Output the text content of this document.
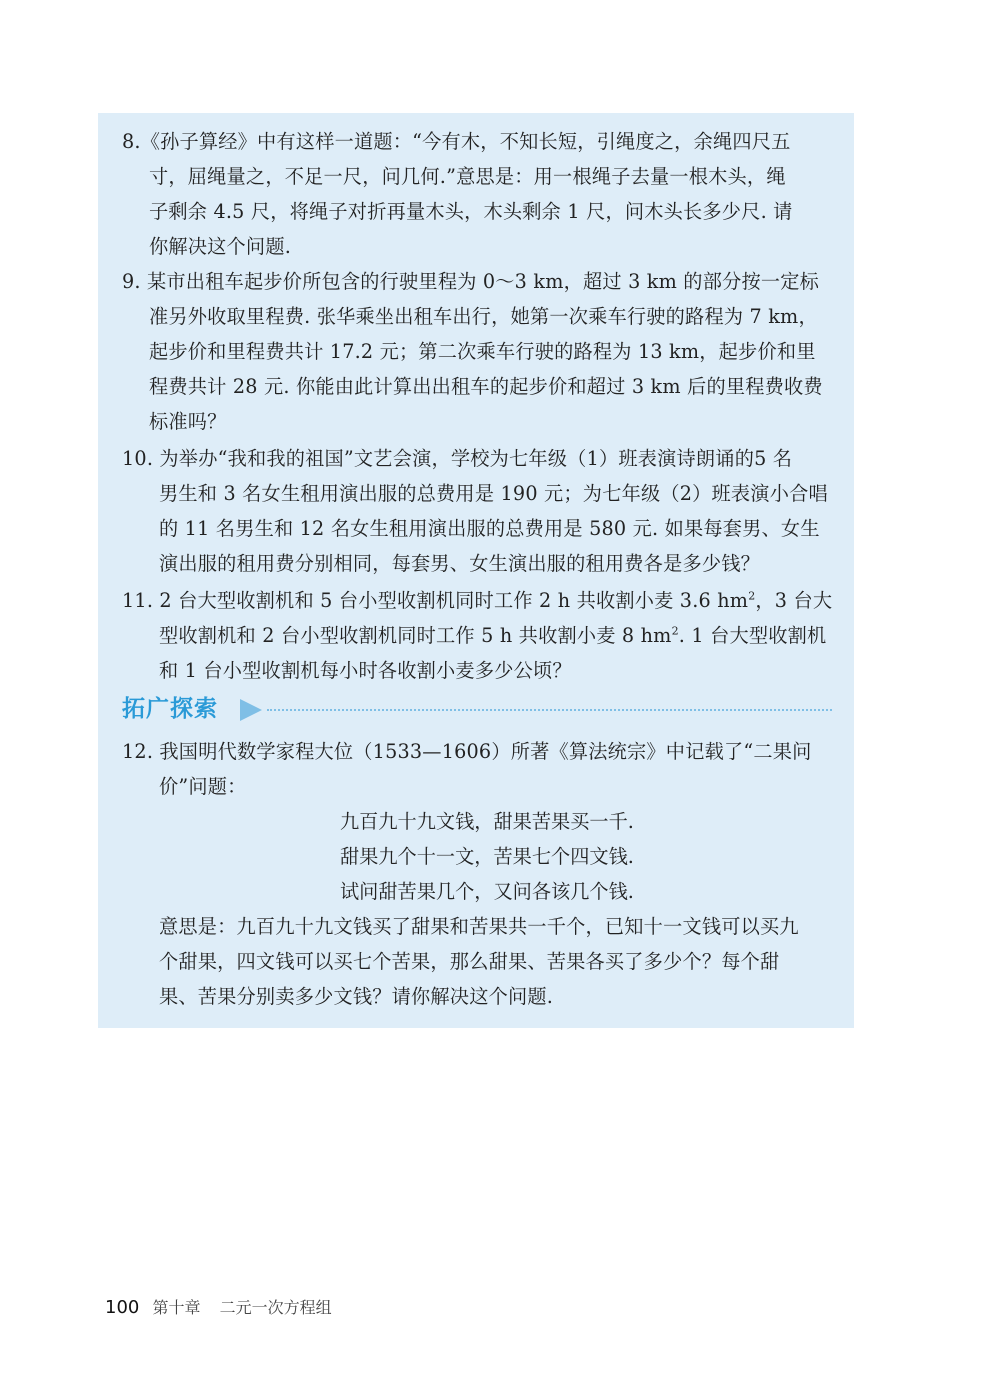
8.《孙子算经》中有这样一道题：“今有木，不知长短，引绳度之，余绳四尺五
寸，屈绳量之，不足一尺，问几何.”意思是：用一根绳子去量一根木头，绳
子剩余 4.5 尺，将绳子对折再量木头，木头剩余 1 尺，问木头长多少尺. 请
你解决这个问题.
9. 某市出租车起步价所包含的行驶里程为 0～3 km，超过 3 km 的部分按一定标
准另外收取里程费. 张华乘坐出租车出行，她第一次乘车行驶的路程为 7 km，
起步价和里程费共计 17.2 元；第二次乘车行驶的路程为 13 km，起步价和里
程费共计 28 元. 你能由此计算出出租车的起步价和超过 3 km 后的里程费收费
标准吗？
10. 为举办“我和我的祖国”文艺会演，学校为七年级（1）班表演诗朗诵的5 名
男生和 3 名女生租用演出服的总费用是 190 元；为七年级（2）班表演小合唱
的 11 名男生和 12 名女生租用演出服的总费用是 580 元. 如果每套男、女生
演出服的租用费分别相同，每套男、女生演出服的租用费各是多少钱？
11. 2 台大型收割机和 5 台小型收割机同时工作 2 h 共收割小麦 3.6 $hm^2$，3 台大
型收割机和 2 台小型收割机同时工作 5 h 共收割小麦 8 $hm^2$. 1 台大型收割机
和 1 台小型收割机每小时各收割小麦多少公顷？
拓广探索
12. 我国明代数学家程大位（1533—1606）所著《算法统宗》中记载了“二果问
价”问题：
九百九十九文钱，甜果苦果买一千.
甜果九个十一文，苦果七个四文钱.
试问甜苦果几个，又问各该几个钱.
意思是：九百九十九文钱买了甜果和苦果共一千个，已知十一文钱可以买九
个甜果，四文钱可以买七个苦果，那么甜果、苦果各买了多少个？每个甜
果、苦果分别卖多少文钱？请你解决这个问题.
100 第十章 二元一次方程组
